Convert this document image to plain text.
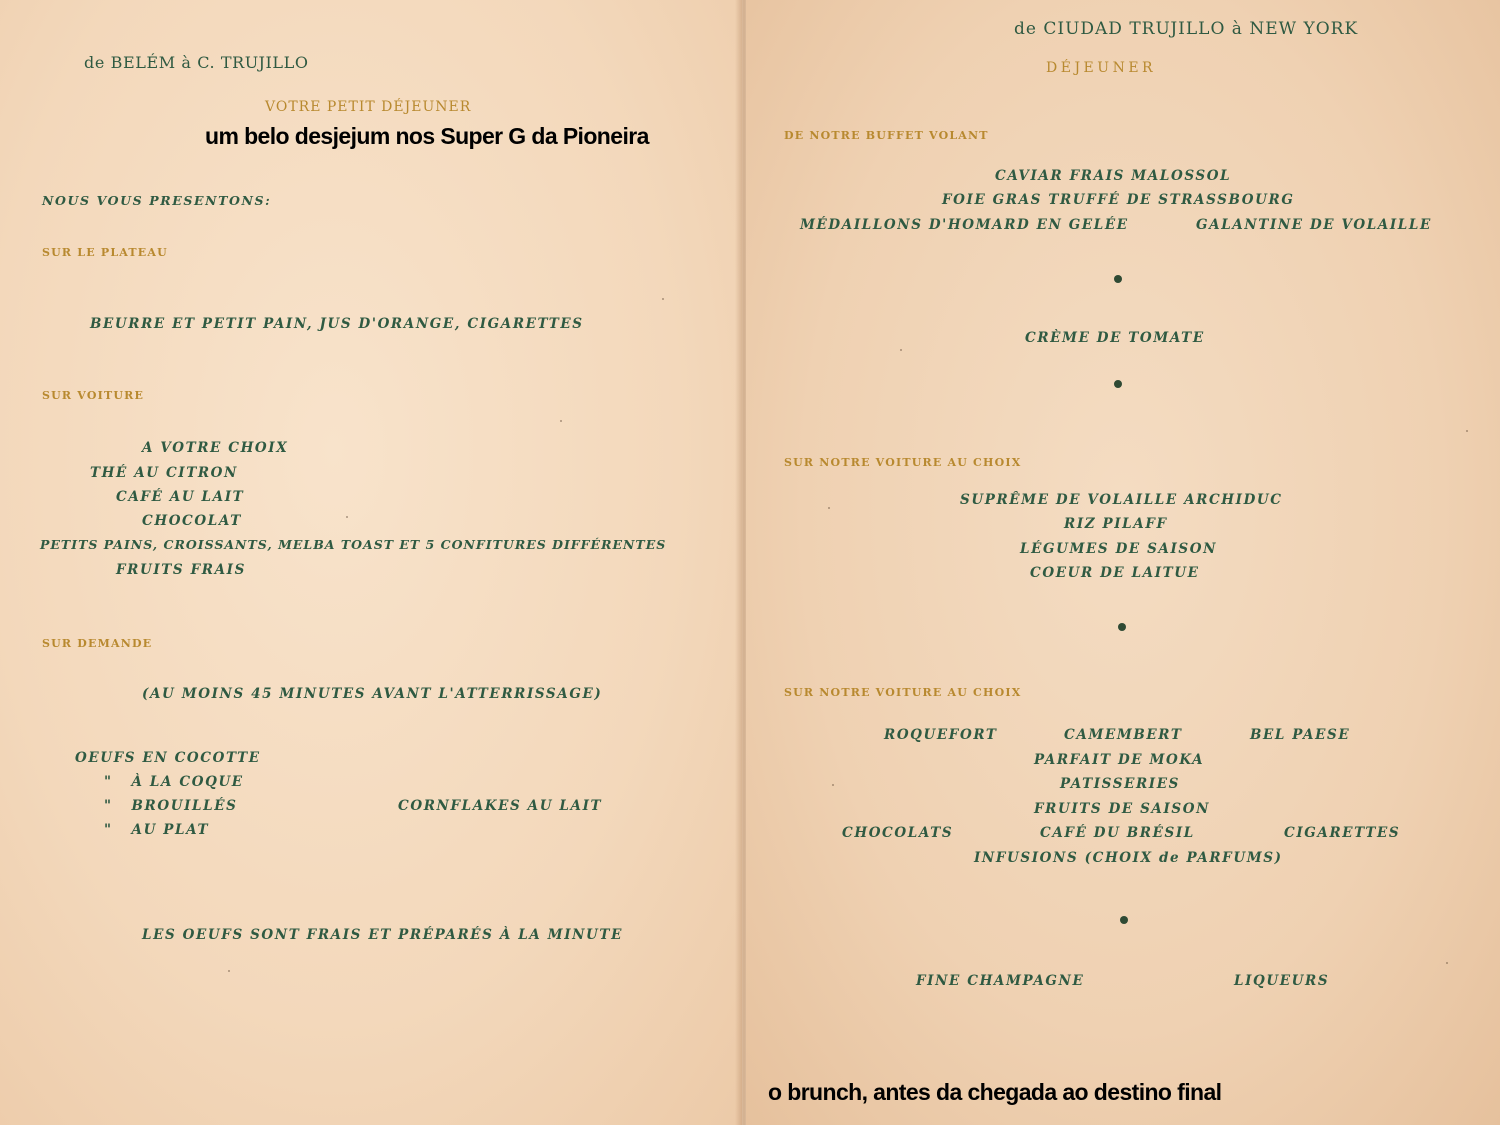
de BELÉM à C. TRUJILLO
VOTRE PETIT DÉJEUNER
um belo desjejum nos Super G da Pioneira
NOUS VOUS PRESENTONS:
SUR LE PLATEAU
BEURRE ET PETIT PAIN, JUS D'ORANGE, CIGARETTES
SUR VOITURE
A VOTRE CHOIX
THÉ AU CITRON
CAFÉ AU LAIT
CHOCOLAT
PETITS PAINS, CROISSANTS, MELBA TOAST ET 5 CONFITURES DIFFÉRENTES
FRUITS FRAIS
SUR DEMANDE
(AU MOINS 45 MINUTES AVANT L'ATTERRISSAGE)
OEUFS EN COCOTTE
"   À LA COQUE
"   BROUILLÉS
"   AU PLAT
CORNFLAKES AU LAIT
LES OEUFS SONT FRAIS ET PRÉPARÉS À LA MINUTE
de CIUDAD TRUJILLO à NEW YORK
DÉJEUNER
DE NOTRE BUFFET VOLANT
CAVIAR FRAIS MALOSSOL
FOIE GRAS TRUFFÉ DE STRASSBOURG
MÉDAILLONS D'HOMARD EN GELÉE	GALANTINE DE VOLAILLE
CRÈME DE TOMATE
SUR NOTRE VOITURE AU CHOIX
SUPRÊME DE VOLAILLE ARCHIDUC
RIZ PILAFF
LÉGUMES DE SAISON
COEUR DE LAITUE
SUR NOTRE VOITURE AU CHOIX
ROQUEFORT	CAMEMBERT	BEL PAESE
PARFAIT DE MOKA
PATISSERIES
FRUITS DE SAISON
CHOCOLATS	CAFÉ DU BRÉSIL	CIGARETTES
INFUSIONS (CHOIX de PARFUMS)
FINE CHAMPAGNE	LIQUEURS
o brunch, antes da chegada ao destino final
